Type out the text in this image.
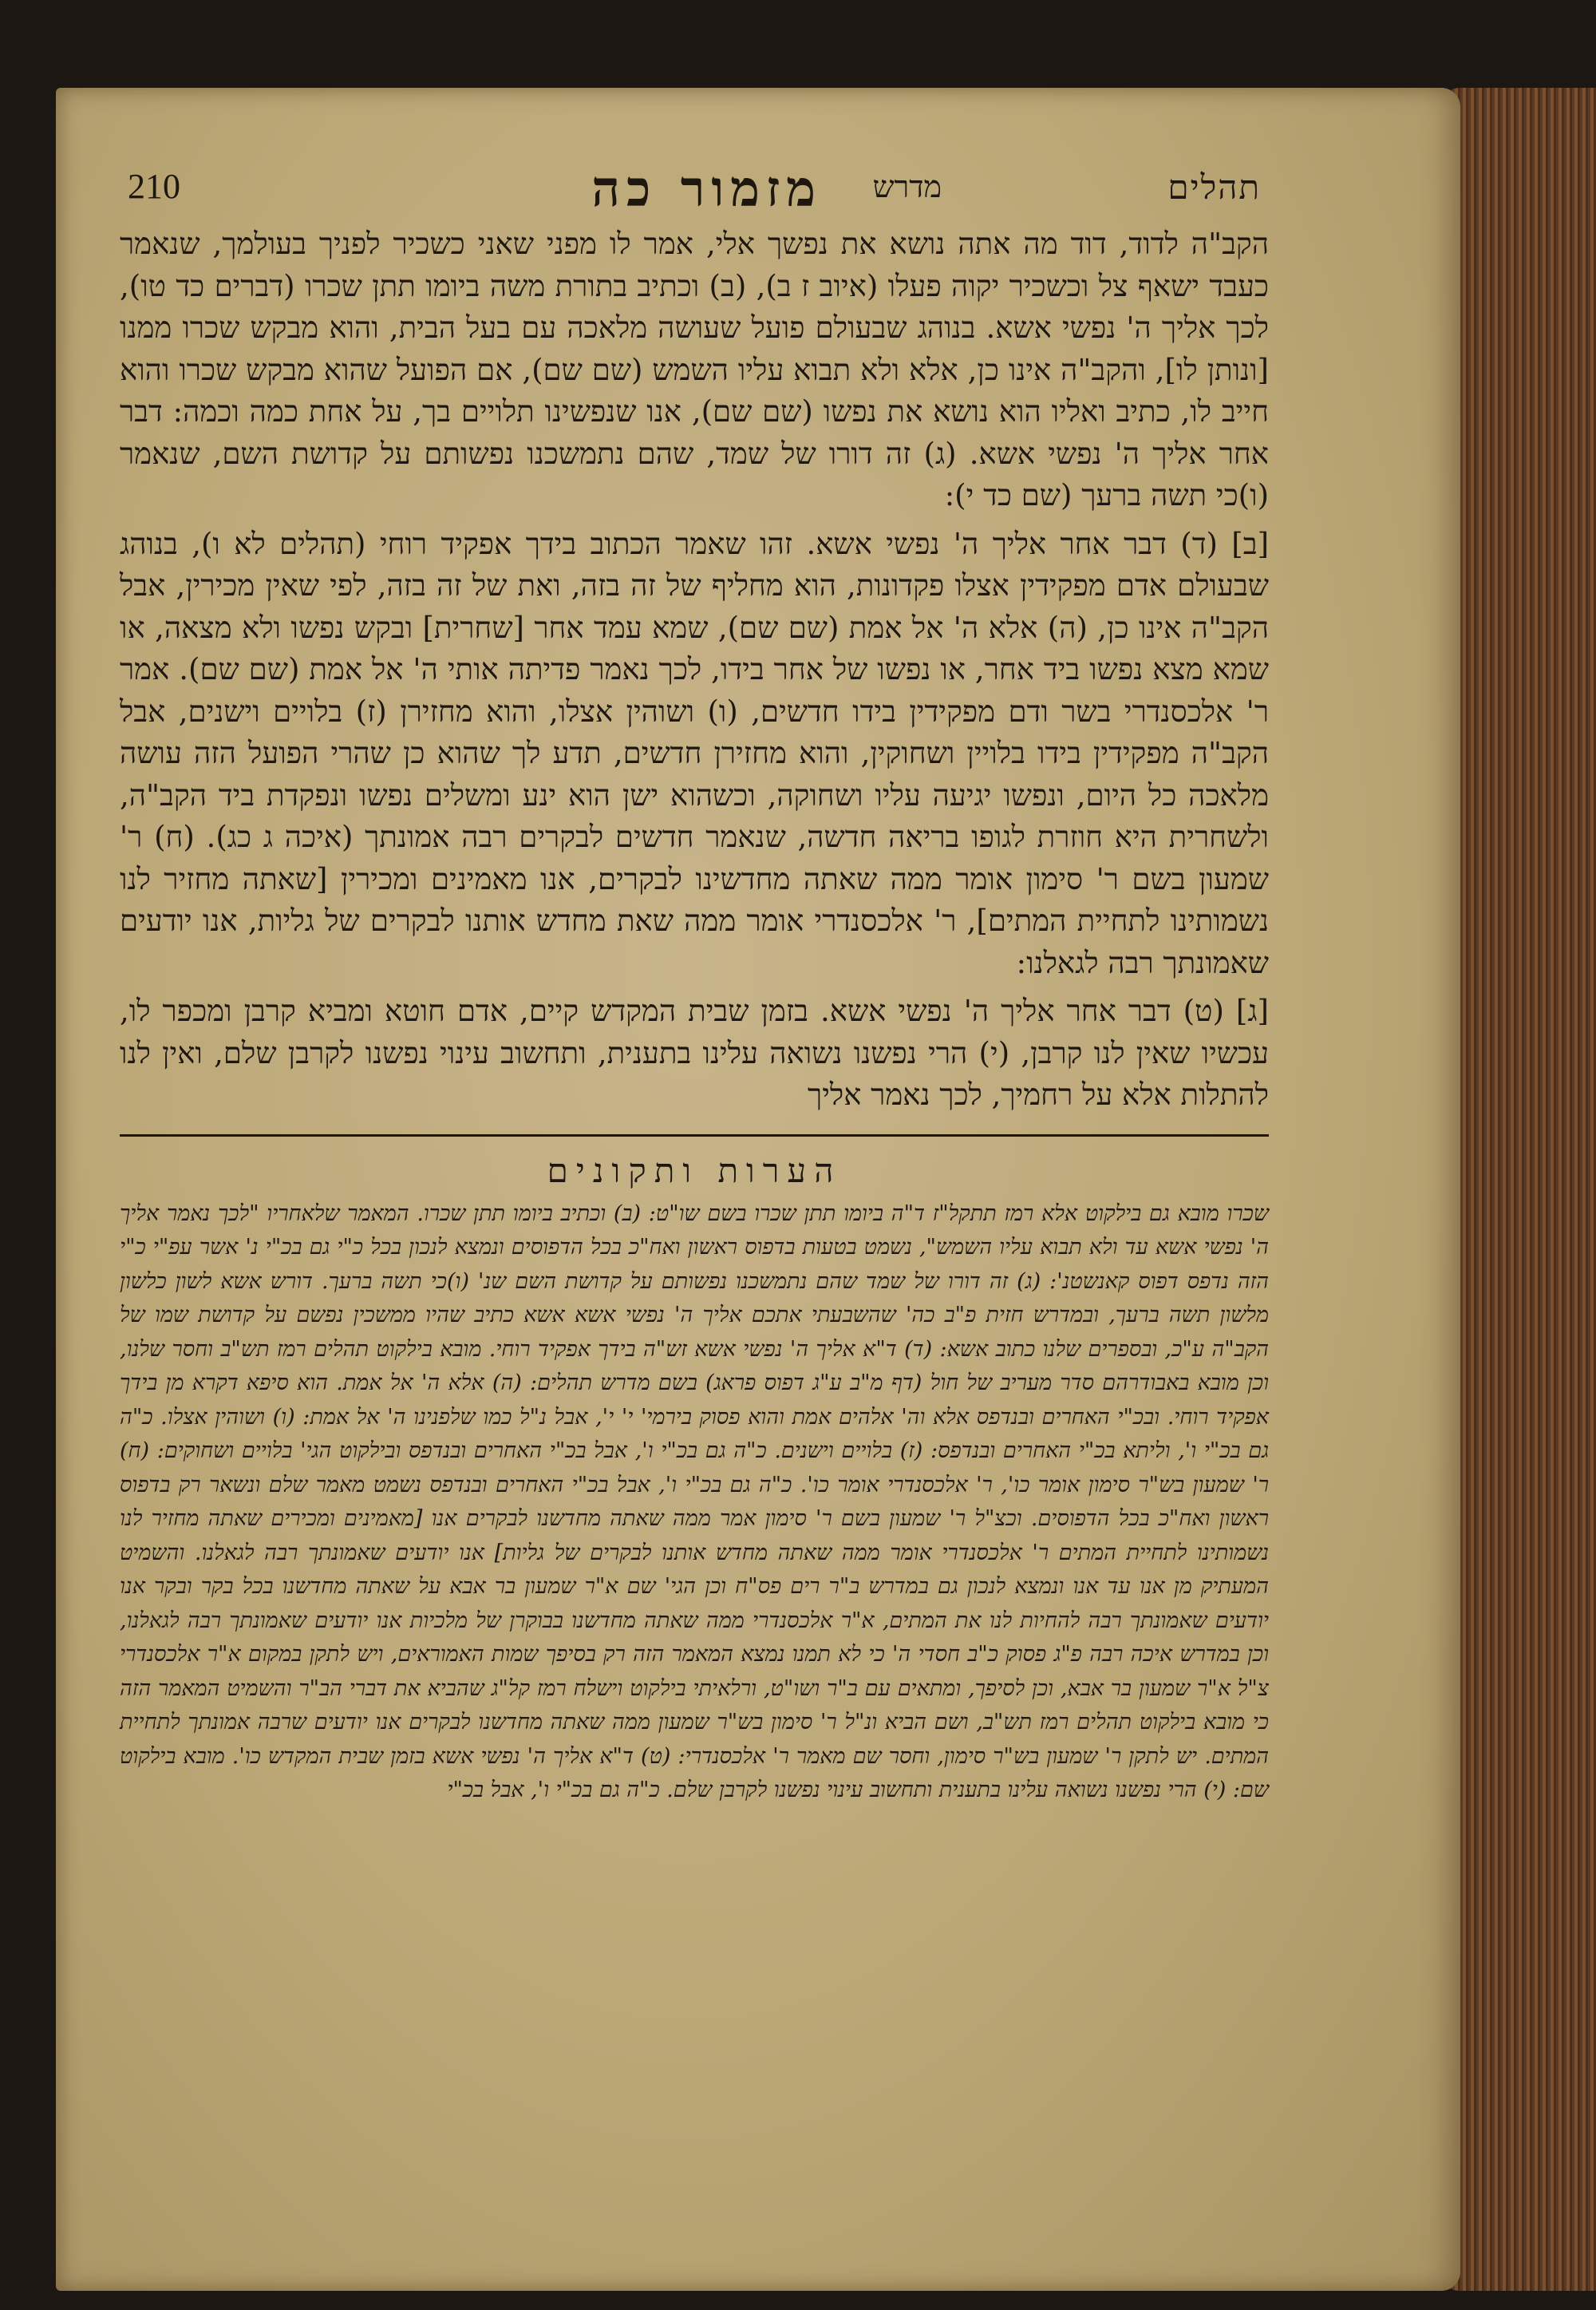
תהלים
מזמור כה מדרש
210

הקב"ה לדוד, דוד מה אתה נושא את נפשך אלי, אמר לו מפני שאני כשכיר לפניך בעולמך, שנאמר כעבד ישאף צל וכשכיר יקוה פעלו (איוב ז ב), (ב) וכתיב בתורת משה ביומו תתן שכרו (דברים כד טו), לכך אליך ה' נפשי אשא. בנוהג שבעולם פועל שעושה מלאכה עם בעל הבית, והוא מבקש שכרו ממנו [ונותן לו], והקב"ה אינו כן, אלא ולא תבוא עליו השמש (שם שם), אם הפועל שהוא מבקש שכרו והוא חייב לו, כתיב ואליו הוא נושא את נפשו (שם שם), אנו שנפשינו תלויים בך, על אחת כמה וכמה: דבר אחר אליך ה' נפשי אשא. (ג) זה דורו של שמד, שהם נתמשכנו נפשותם על קדושת השם, שנאמר (ו)כי תשה ברעך (שם כד י):

[ב] (ד) דבר אחר אליך ה' נפשי אשא. זהו שאמר הכתוב בידך אפקיד רוחי (תהלים לא ו), בנוהג שבעולם אדם מפקידין אצלו פקדונות, הוא מחליף של זה בזה, ואת של זה בזה, לפי שאין מכירין, אבל הקב"ה אינו כן, (ה) אלא ה' אל אמת (שם שם), שמא עמד אחר [שחרית] ובקש נפשו ולא מצאה, או שמא מצא נפשו ביד אחר, או נפשו של אחר בידו, לכך נאמר פדיתה אותי ה' אל אמת (שם שם). אמר ר' אלכסנדרי בשר ודם מפקידין בידו חדשים, (ו) ושוהין אצלו, והוא מחזירן (ז) בלויים וישנים, אבל הקב"ה מפקידין בידו בלויין ושחוקין, והוא מחזירן חדשים, תדע לך שהוא כן שהרי הפועל הזה עושה מלאכה כל היום, ונפשו יגיעה עליו ושחוקה, וכשהוא ישן הוא ינע ומשלים נפשו ונפקדת ביד הקב"ה, ולשחרית היא חוזרת לגופו בריאה חדשה, שנאמר חדשים לבקרים רבה אמונתך (איכה ג כג). (ח) ר' שמעון בשם ר' סימון אומר ממה שאתה מחדשינו לבקרים, אנו מאמינים ומכירין [שאתה מחזיר לנו נשמותינו לתחיית המתים], ר' אלכסנדרי אומר ממה שאת מחדש אותנו לבקרים של גליות, אנו יודעים שאמונתך רבה לגאלנו:

[ג] (ט) דבר אחר אליך ה' נפשי אשא. בזמן שבית המקדש קיים, אדם חוטא ומביא קרבן ומכפר לו, עכשיו שאין לנו קרבן, (י) הרי נפשנו נשואה עלינו בתענית, ותחשוב עינוי נפשנו לקרבן שלם, ואין לנו להתלות אלא על רחמיך, לכך נאמר אליך

הערות ותקונים

שכרו מובא גם בילקוט אלא רמז תתקל"ז ד"ה ביומו תתן שכרו בשם שו"ט: (ב) וכתיב ביומו תתן שכרו. המאמר שלאחריו "לכך נאמר אליך ה' נפשי אשא עד ולא תבוא עליו השמש", נשמט בטעות בדפוס ראשון ואח"כ בכל הדפוסים ונמצא לנכון בכל כ"י גם בכ"י נ' אשר עפ"י כ"י הזה נדפס דפוס קאנשטנ': (ג) זה דורו של שמד שהם נתמשכנו נפשותם על קדושת השם שנ' (ו)כי תשה ברעך. דורש אשא לשון כלשון מלשון תשה ברעך, ובמדרש חזית פ"ב כה' שהשבעתי אתכם אליך ה' נפשי אשא אשא כתיב שהיו ממשכין נפשם על קדושת שמו של הקב"ה ע"כ, ובספרים שלנו כתוב אשא: (ד) ד"א אליך ה' נפשי אשא זש"ה בידך אפקיד רוחי. מובא בילקוט תהלים רמז תש"ב וחסר שלנו, וכן מובא באבודרהם סדר מעריב של חול (דף מ"ב ע"ג דפוס פראג) בשם מדרש תהלים: (ה) אלא ה' אל אמת. הוא סיפא דקרא מן בידך אפקיד רוחי. ובכ"י האחרים ובנדפס אלא וה' אלהים אמת והוא פסוק בירמי' י' י', אבל נ"ל כמו שלפנינו ה' אל אמת: (ו) ושוהין אצלו. כ"ה גם בכ"י ו', וליתא בכ"י האחרים ובנדפס: (ז) בלויים וישנים. כ"ה גם בכ"י ו', אבל בכ"י האחרים ובנדפס ובילקוט הגי' בלויים ושחוקים: (ח) ר' שמעון בש"ר סימון אומר כו', ר' אלכסנדרי אומר כו'. כ"ה גם בכ"י ו', אבל בכ"י האחרים ובנדפס נשמט מאמר שלם ונשאר רק בדפוס ראשון ואח"כ בכל הדפוסים. וכצ"ל ר' שמעון בשם ר' סימון אמר ממה שאתה מחדשנו לבקרים אנו [מאמינים ומכירים שאתה מחזיר לנו נשמותינו לתחיית המתים ר' אלכסנדרי אומר ממה שאתה מחדש אותנו לבקרים של גליות] אנו יודעים שאמונתך רבה לגאלנו. והשמיט המעתיק מן אנו עד אנו ונמצא לנכון גם במדרש ב"ר רים פס"ח וכן הגי' שם א"ר שמעון בר אבא על שאתה מחדשנו בכל בקר ובקר אנו יודעים שאמונתך רבה להחיות לנו את המתים, א"ר אלכסנדרי ממה שאתה מחדשנו בבוקרן של מלכיות אנו יודעים שאמונתך רבה לגאלנו, וכן במדרש איכה רבה פ"ג פסוק כ"ב חסדי ה' כי לא תמנו נמצא המאמר הזה רק בסיפך שמות האמוראים, ויש לתקן במקום א"ר אלכסנדרי צ"ל א"ר שמעון בר אבא, וכן לסיפך, ומתאים עם ב"ר ושו"ט, ורלאיתי בילקוט וישלח רמז קל"ג שהביא את דברי הב"ר והשמיט המאמר הזה כי מובא בילקוט תהלים רמז תש"ב, ושם הביא ונ"ל ר' סימון בש"ר שמעון ממה שאתה מחדשנו לבקרים אנו יודעים שרבה אמונתך לתחיית המתים. יש לתקן ר' שמעון בש"ר סימון, וחסר שם מאמר ר' אלכסנדרי: (ט) ד"א אליך ה' נפשי אשא בזמן שבית המקדש כו'. מובא בילקוט שם: (י) הרי נפשנו נשואה עלינו בתענית ותחשוב עינוי נפשנו לקרבן שלם. כ"ה גם בכ"י ו', אבל בכ"י
